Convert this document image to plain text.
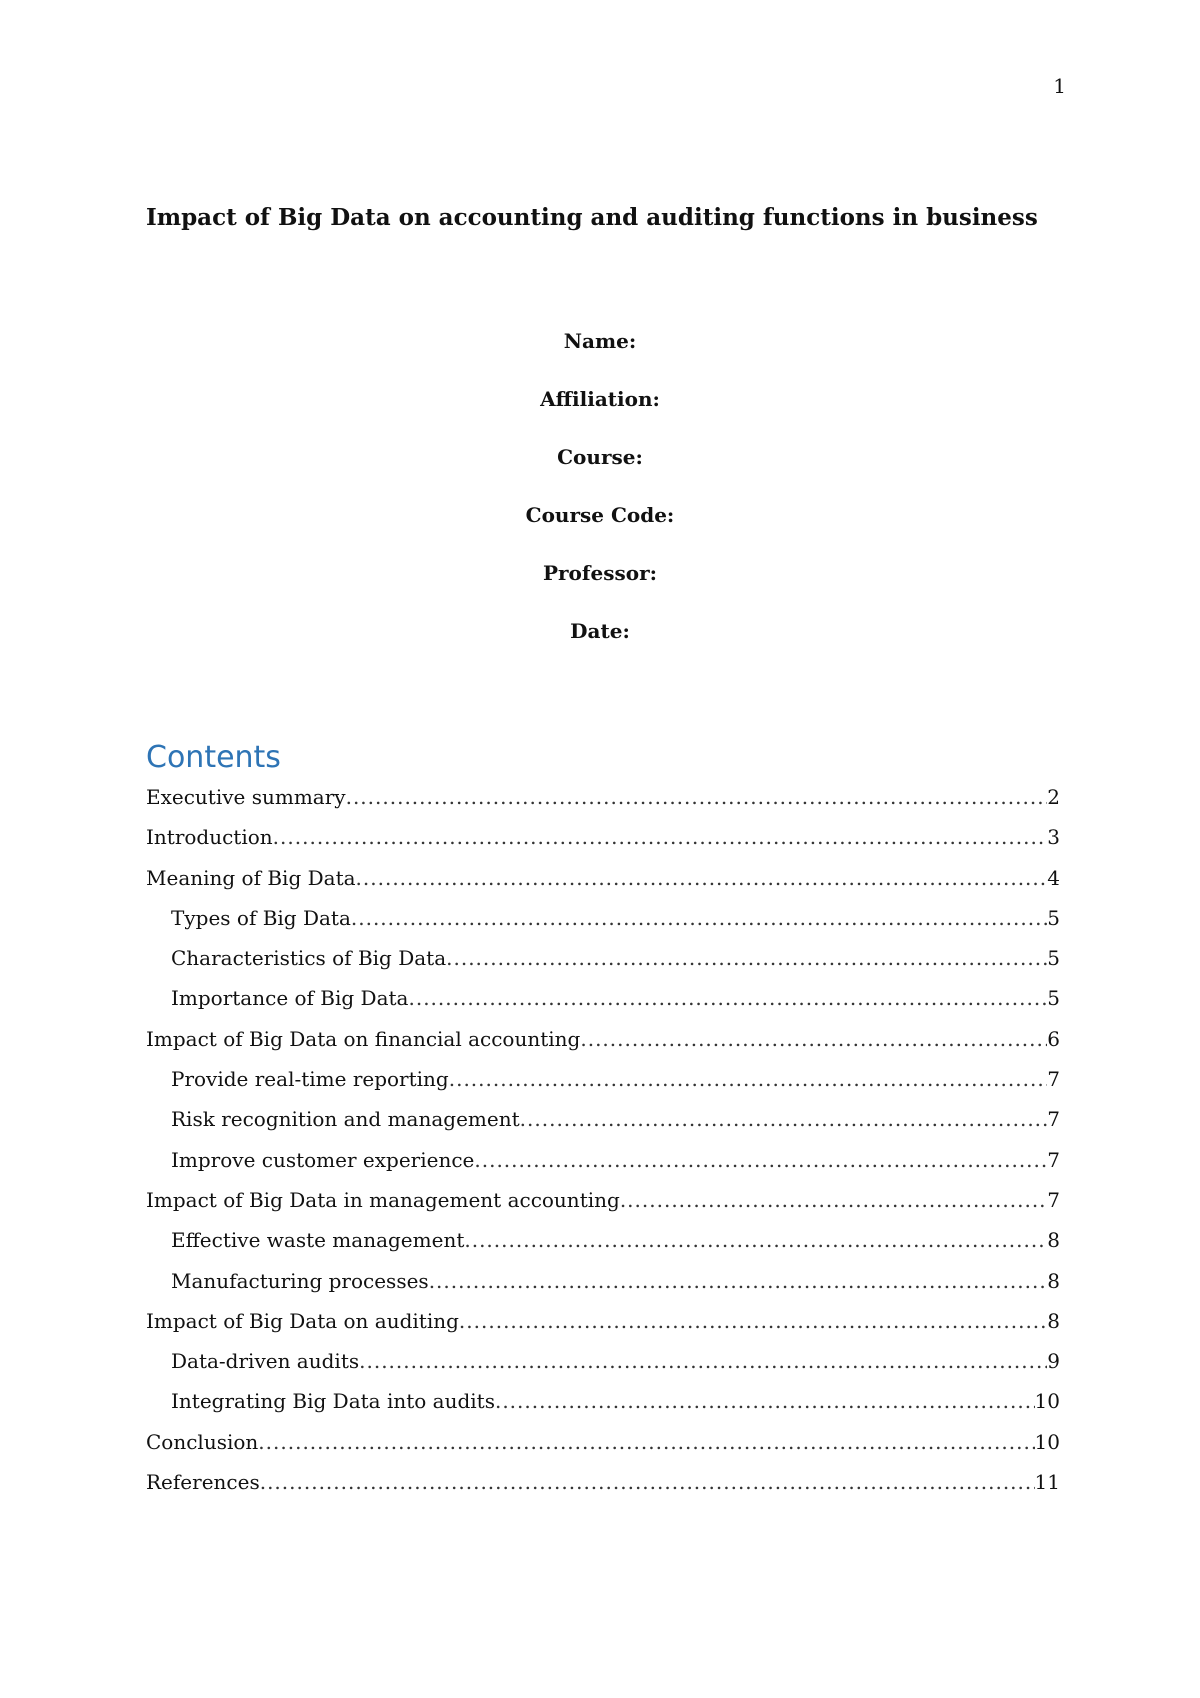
1
Impact of Big Data on accounting and auditing functions in business
Name:
Affiliation:
Course:
Course Code:
Professor:
Date:
Contents
Executive summary .....	2
Introduction .....	3
Meaning of Big Data .....	4
Types of Big Data .....	5
Characteristics of Big Data .....	5
Importance of Big Data .....	5
Impact of Big Data on financial accounting .....	6
Provide real-time reporting .....	7
Risk recognition and management .....	7
Improve customer experience .....	7
Impact of Big Data in management accounting .....	7
Effective waste management .....	8
Manufacturing processes .....	8
Impact of Big Data on auditing .....	8
Data-driven audits .....	9
Integrating Big Data into audits .....	10
Conclusion .....	10
References .....	11
